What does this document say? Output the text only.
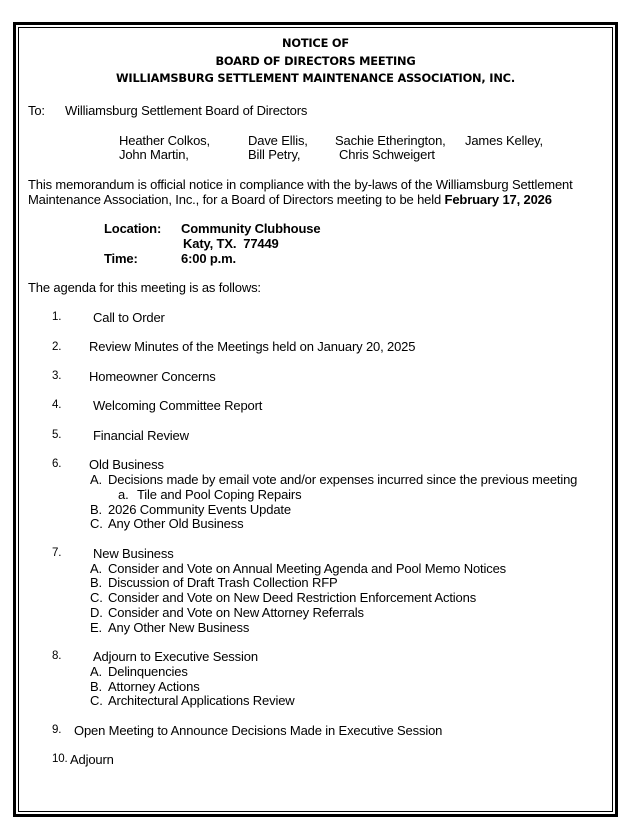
NOTICE OF
BOARD OF DIRECTORS MEETING
WILLIAMSBURG SETTLEMENT MAINTENANCE ASSOCIATION, INC.
To: Williamsburg Settlement Board of Directors
Heather Colkos,	Dave Ellis, Sachie Etherington, James Kelley,
John Martin,	Bill Petry,	Chris Schweigert
This memorandum is official notice in compliance with the by-laws of the Williamsburg Settlement
Maintenance Association, Inc., for a Board of Directors meeting to be held February 17, 2026
Location: Community Clubhouse
Katy, TX.  77449
Time:	6:00 p.m.
The agenda for this meeting is as follows:
1. Call to Order
2. Review Minutes of the Meetings held on January 20, 2025
3. Homeowner Concerns
4. Welcoming Committee Report
5. Financial Review
6. Old Business
A. Decisions made by email vote and/or expenses incurred since the previous meeting
a. Tile and Pool Coping Repairs
B. 2026 Community Events Update
C. Any Other Old Business
7. New Business
A. Consider and Vote on Annual Meeting Agenda and Pool Memo Notices
B. Discussion of Draft Trash Collection RFP
C. Consider and Vote on New Deed Restriction Enforcement Actions
D. Consider and Vote on New Attorney Referrals
E. Any Other New Business
8. Adjourn to Executive Session
A. Delinquencies
B. Attorney Actions
C. Architectural Applications Review
9. Open Meeting to Announce Decisions Made in Executive Session
10. Adjourn
